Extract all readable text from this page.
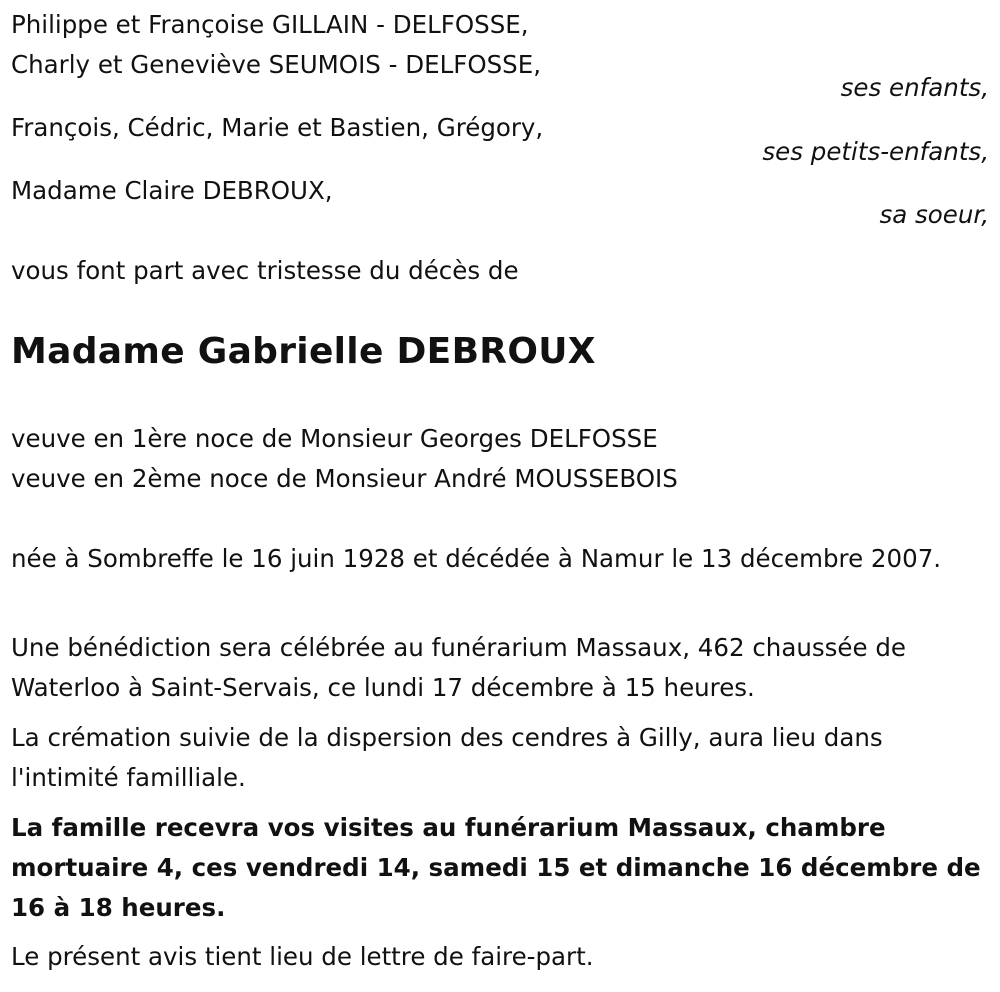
Philippe et Françoise GILLAIN - DELFOSSE,
Charly et Geneviève SEUMOIS - DELFOSSE,
ses enfants,
François, Cédric, Marie et Bastien, Grégory,
ses petits-enfants,
Madame Claire DEBROUX,
sa soeur,
vous font part avec tristesse du décès de
Madame Gabrielle DEBROUX
veuve en 1ère noce de Monsieur Georges DELFOSSE
veuve en 2ème noce de Monsieur André MOUSSEBOIS
née à Sombreffe le 16 juin 1928 et décédée à Namur le 13 décembre 2007.
Une bénédiction sera célébrée au funérarium Massaux, 462 chaussée de Waterloo à Saint-Servais, ce lundi 17 décembre à 15 heures.
La crémation suivie de la dispersion des cendres à Gilly, aura lieu dans l'intimité familliale.
La famille recevra vos visites au funérarium Massaux, chambre mortuaire 4, ces vendredi 14, samedi 15 et dimanche 16 décembre de 16 à 18 heures.
Le présent avis tient lieu de lettre de faire-part.
